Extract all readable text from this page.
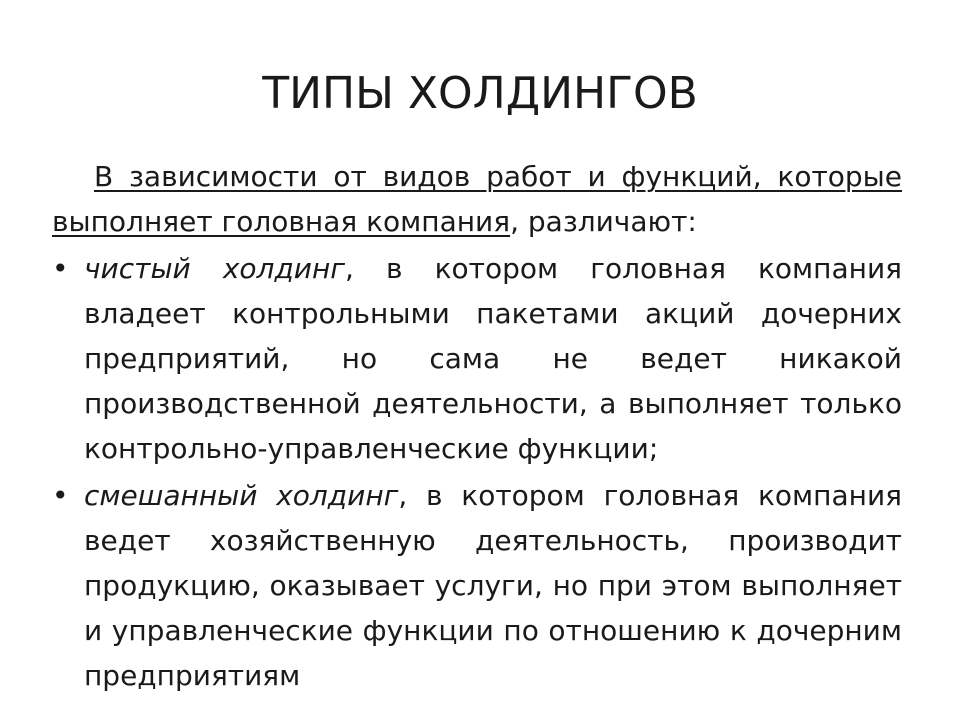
ТИПЫ ХОЛДИНГОВ

В зависимости от видов работ и функций, которые выполняет головная компания, различают:

• чистый холдинг, в котором головная компания владеет контрольными пакетами акций дочерних предприятий, но сама не ведет никакой производственной деятельности, а выполняет только контрольно-управленческие функции;
• смешанный холдинг, в котором головная компания ведет хозяйственную деятельность, производит продукцию, оказывает услуги, но при этом выполняет и управленческие функции по отношению к дочерним предприятиям
